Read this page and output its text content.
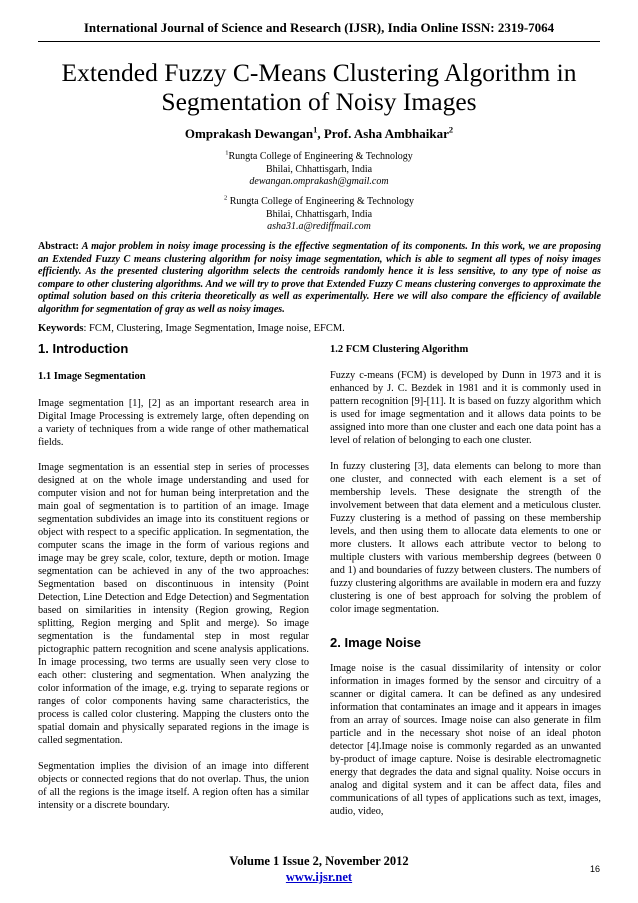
International Journal of Science and Research (IJSR), India Online ISSN: 2319-7064
Extended Fuzzy C-Means Clustering Algorithm in
Segmentation of Noisy Images
Omprakash Dewangan$^1$, Prof. Asha Ambhaikar$^2$
$^1$Rungta College of Engineering & Technology
Bhilai, Chhattisgarh, India
dewangan.omprakash@gmail.com
$^2$ Rungta College of Engineering & Technology
Bhilai, Chhattisgarh, India
asha31.a@rediffmail.com
Abstract: A major problem in noisy image processing is the effective segmentation of its components. In this work, we are proposing an Extended Fuzzy C means clustering algorithm for noisy image segmentation, which is able to segment all types of noisy images efficiently. As the presented clustering algorithm selects the centroids randomly hence it is less sensitive, to any type of noise as compare to other clustering algorithms. And we will try to prove that Extended Fuzzy C means clustering converges to approximate the optimal solution based on this criteria theoretically as well as experimentally. Here we will also compare the efficiency of available algorithm for segmentation of gray as well as noisy images.
Keywords: FCM, Clustering, Image Segmentation, Image noise, EFCM.
1. Introduction
1.1 Image Segmentation

Image segmentation [1], [2] as an important research area in Digital Image Processing is extremely large, often depending on a variety of techniques from a wide range of other mathematical fields.

Image segmentation is an essential step in series of processes designed at on the whole image understanding and used for computer vision and not for human being interpretation and the main goal of segmentation is to partition of an image. Image segmentation subdivides an image into its constituent regions or object with respect to a specific application. In segmentation, the computer scans the image in the form of various regions and image may be grey scale, color, texture, depth or motion. Image segmentation can be achieved in any of the two approaches: Segmentation based on discontinuous in intensity (Point Detection, Line Detection and Edge Detection) and Segmentation based on similarities in intensity (Region growing, Region splitting, Region merging and Split and merge). So image segmentation is the fundamental step in most regular pictographic pattern recognition and scene analysis applications. In image processing, two terms are usually seen very close to each other: clustering and segmentation. When analyzing the color information of the image, e.g. trying to separate regions or ranges of color components having same characteristics, the process is called color clustering. Mapping the clusters onto the spatial domain and physically separated regions in the image is called segmentation.

Segmentation implies the division of an image into different objects or connected regions that do not overlap. Thus, the union of all the regions is the image itself. A region often has a similar intensity or a discrete boundary.

1.2 FCM Clustering Algorithm

Fuzzy c-means (FCM) is developed by Dunn in 1973 and it is enhanced by J. C. Bezdek in 1981 and it is commonly used in pattern recognition [9]-[11]. It is based on fuzzy algorithm which is used for image segmentation and it allows data points to be assigned into more than one cluster and each one data point has a level of relation of belonging to each one cluster.

In fuzzy clustering [3], data elements can belong to more than one cluster, and connected with each element is a set of membership levels. These designate the strength of the involvement between that data element and a meticulous cluster. Fuzzy clustering is a method of passing on these membership levels, and then using them to allocate data elements to one or more clusters. It allows each attribute vector to belong to multiple clusters with various membership degrees (between 0 and 1) and boundaries of fuzzy between clusters. The numbers of fuzzy clustering algorithms are available in modern era and fuzzy clustering is one of best approach for solving the problem of color image segmentation.

2. Image Noise

Image noise is the casual dissimilarity of intensity or color information in images formed by the sensor and circuitry of a scanner or digital camera. It can be defined as any undesired information that contaminates an image and it appears in images from an array of sources. Image noise can also generate in film particle and in the necessary shot noise of an ideal photon detector [4].Image noise is commonly regarded as an unwanted by-product of image capture. Noise is desirable electromagnetic energy that degrades the data and signal quality. Noise occurs in analog and digital system and it can be affect data, files and communications of all types of applications such as text, images, audio, video,

Volume 1 Issue 2, November 2012
www.ijsr.net
16
